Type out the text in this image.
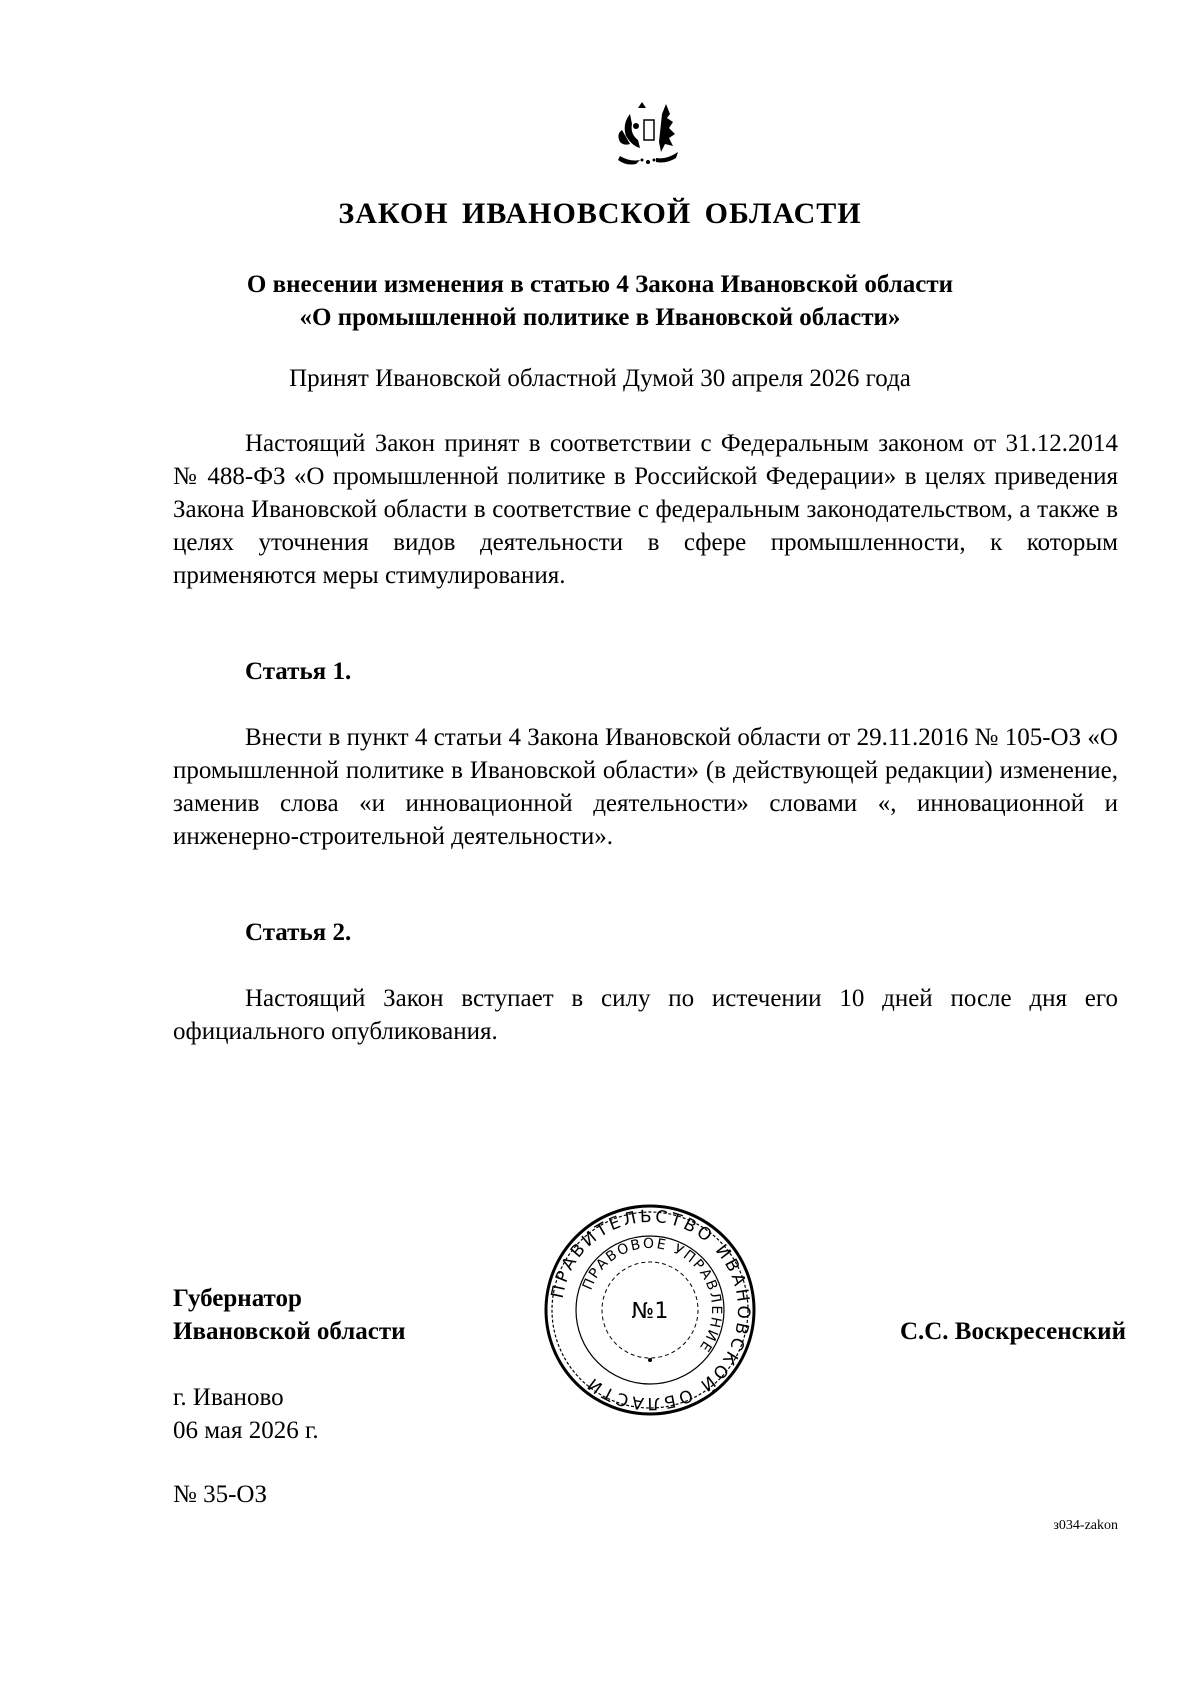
ЗАКОН ИВАНОВСКОЙ ОБЛАСТИ
О внесении изменения в статью 4 Закона Ивановской области
«О промышленной политике в Ивановской области»

Принят Ивановской областной Думой 30 апреля 2026 года

Настоящий Закон принят в соответствии с Федеральным законом от 31.12.2014 № 488-ФЗ «О промышленной политике в Российской Федерации» в целях приведения Закона Ивановской области в соответствие с федеральным законодательством, а также в целях уточнения видов деятельности в сфере промышленности, к которым применяются меры стимулирования.

Статья 1.

Внести в пункт 4 статьи 4 Закона Ивановской области от 29.11.2016 № 105-ОЗ «О промышленной политике в Ивановской области» (в действующей редакции) изменение, заменив слова «и инновационной деятельности» словами «, инновационной и инженерно-строительной деятельности».

Статья 2.

Настоящий Закон вступает в силу по истечении 10 дней после дня его официального опубликования.

ПРАВИТЕЛЬСТВО ИВАНОВСКОЙ ОБЛАСТИ
ПРАВОВОЕ УПРАВЛЕНИЕ
№1

Губернатор
Ивановской области	С.С. Воскресенский

г. Иваново

06 мая 2026 г.

№ 35-ОЗ

з034-zakon
